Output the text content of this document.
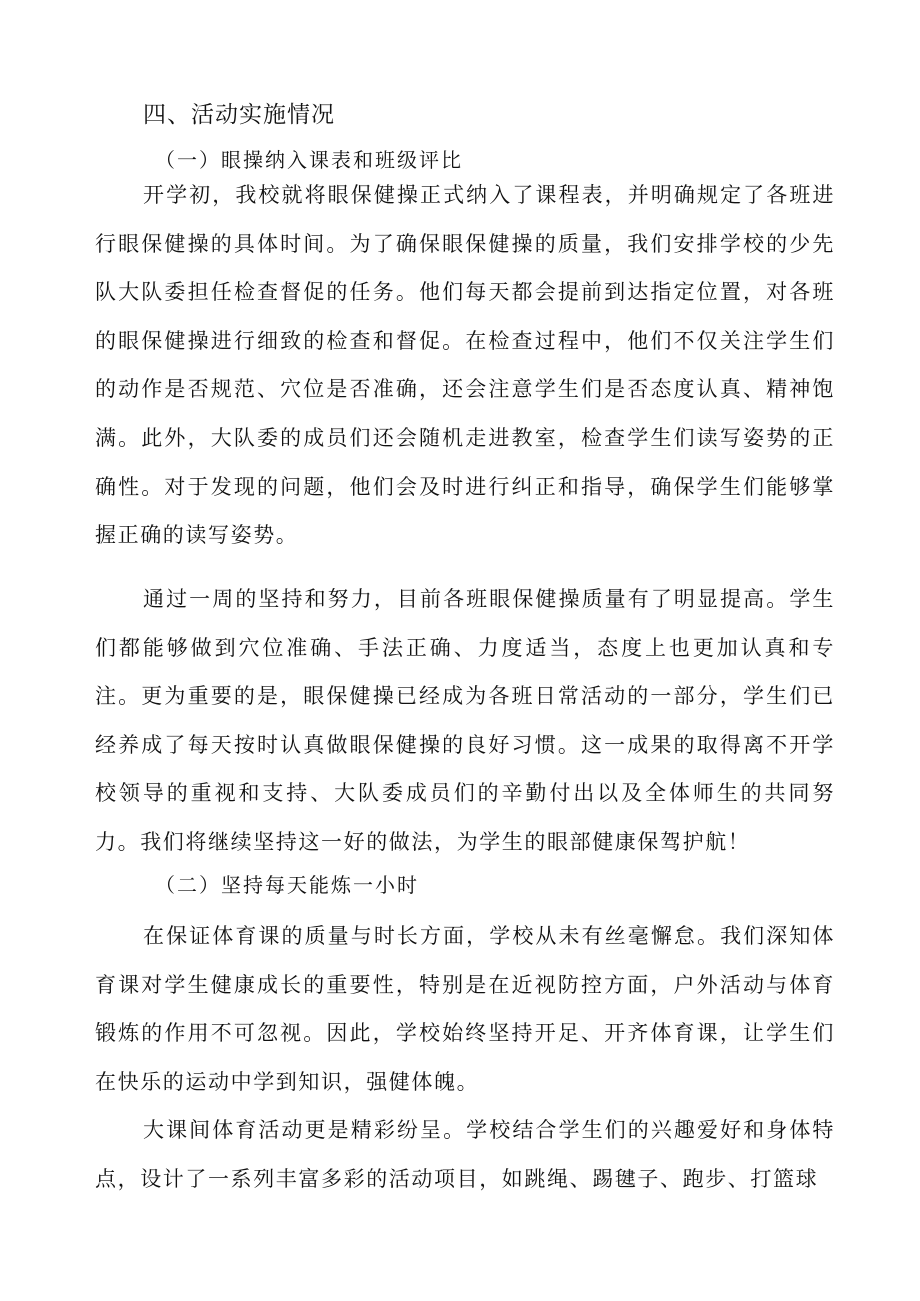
四、活动实施情况
（一）眼操纳入课表和班级评比

开学初，我校就将眼保健操正式纳入了课程表，并明确规定了各班进行眼保健操的具体时间。为了确保眼保健操的质量，我们安排学校的少先队大队委担任检查督促的任务。他们每天都会提前到达指定位置，对各班的眼保健操进行细致的检查和督促。在检查过程中，他们不仅关注学生们的动作是否规范、穴位是否准确，还会注意学生们是否态度认真、精神饱满。此外，大队委的成员们还会随机走进教室，检查学生们读写姿势的正确性。对于发现的问题，他们会及时进行纠正和指导，确保学生们能够掌握正确的读写姿势。

通过一周的坚持和努力，目前各班眼保健操质量有了明显提高。学生们都能够做到穴位准确、手法正确、力度适当，态度上也更加认真和专注。更为重要的是，眼保健操已经成为各班日常活动的一部分，学生们已经养成了每天按时认真做眼保健操的良好习惯。这一成果的取得离不开学校领导的重视和支持、大队委成员们的辛勤付出以及全体师生的共同努力。我们将继续坚持这一好的做法，为学生的眼部健康保驾护航！

（二）坚持每天能炼一小时

在保证体育课的质量与时长方面，学校从未有丝毫懈怠。我们深知体育课对学生健康成长的重要性，特别是在近视防控方面，户外活动与体育锻炼的作用不可忽视。因此，学校始终坚持开足、开齐体育课，让学生们在快乐的运动中学到知识，强健体魄。

大课间体育活动更是精彩纷呈。学校结合学生们的兴趣爱好和身体特点，设计了一系列丰富多彩的活动项目，如跳绳、踢毽子、跑步、打篮球
